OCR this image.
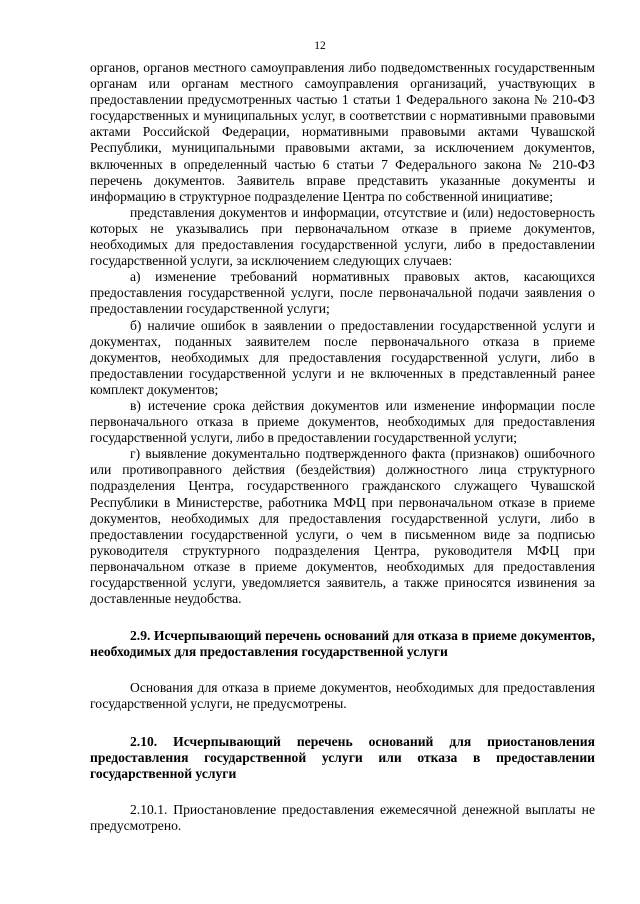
12

органов, органов местного самоуправления либо подведомственных государственным органам или органам местного самоуправления организаций, участвующих в предоставлении предусмотренных частью 1 статьи 1 Федерального закона № 210-ФЗ государственных и муниципальных услуг, в соответствии с нормативными правовыми актами Российской Федерации, нормативными правовыми актами Чувашской Республики, муниципальными правовыми актами, за исключением документов, включенных в определенный частью 6 статьи 7 Федерального закона № 210-ФЗ перечень документов. Заявитель вправе представить указанные документы и информацию в структурное подразделение Центра по собственной инициативе;

представления документов и информации, отсутствие и (или) недостоверность которых не указывались при первоначальном отказе в приеме документов, необходимых для предоставления государственной услуги, либо в предоставлении государственной услуги, за исключением следующих случаев:

а) изменение требований нормативных правовых актов, касающихся предоставления государственной услуги, после первоначальной подачи заявления о предоставлении государственной услуги;

б) наличие ошибок в заявлении о предоставлении государственной услуги и документах, поданных заявителем после первоначального отказа в приеме документов, необходимых для предоставления государственной услуги, либо в предоставлении государственной услуги и не включенных в представленный ранее комплект документов;

в) истечение срока действия документов или изменение информации после первоначального отказа в приеме документов, необходимых для предоставления государственной услуги, либо в предоставлении государственной услуги;

г) выявление документально подтвержденного факта (признаков) ошибочного или противоправного действия (бездействия) должностного лица структурного подразделения Центра, государственного гражданского служащего Чувашской Республики в Министерстве, работника МФЦ при первоначальном отказе в приеме документов, необходимых для предоставления государственной услуги, либо в предоставлении государственной услуги, о чем в письменном виде за подписью руководителя структурного подразделения Центра, руководителя МФЦ при первоначальном отказе в приеме документов, необходимых для предоставления государственной услуги, уведомляется заявитель, а также приносятся извинения за доставленные неудобства.

2.9. Исчерпывающий перечень оснований для отказа в приеме документов, необходимых для предоставления государственной услуги

Основания для отказа в приеме документов, необходимых для предоставления государственной услуги, не предусмотрены.

2.10. Исчерпывающий перечень оснований для приостановления предоставления государственной услуги или отказа в предоставлении государственной услуги

2.10.1. Приостановление предоставления ежемесячной денежной выплаты не предусмотрено.
